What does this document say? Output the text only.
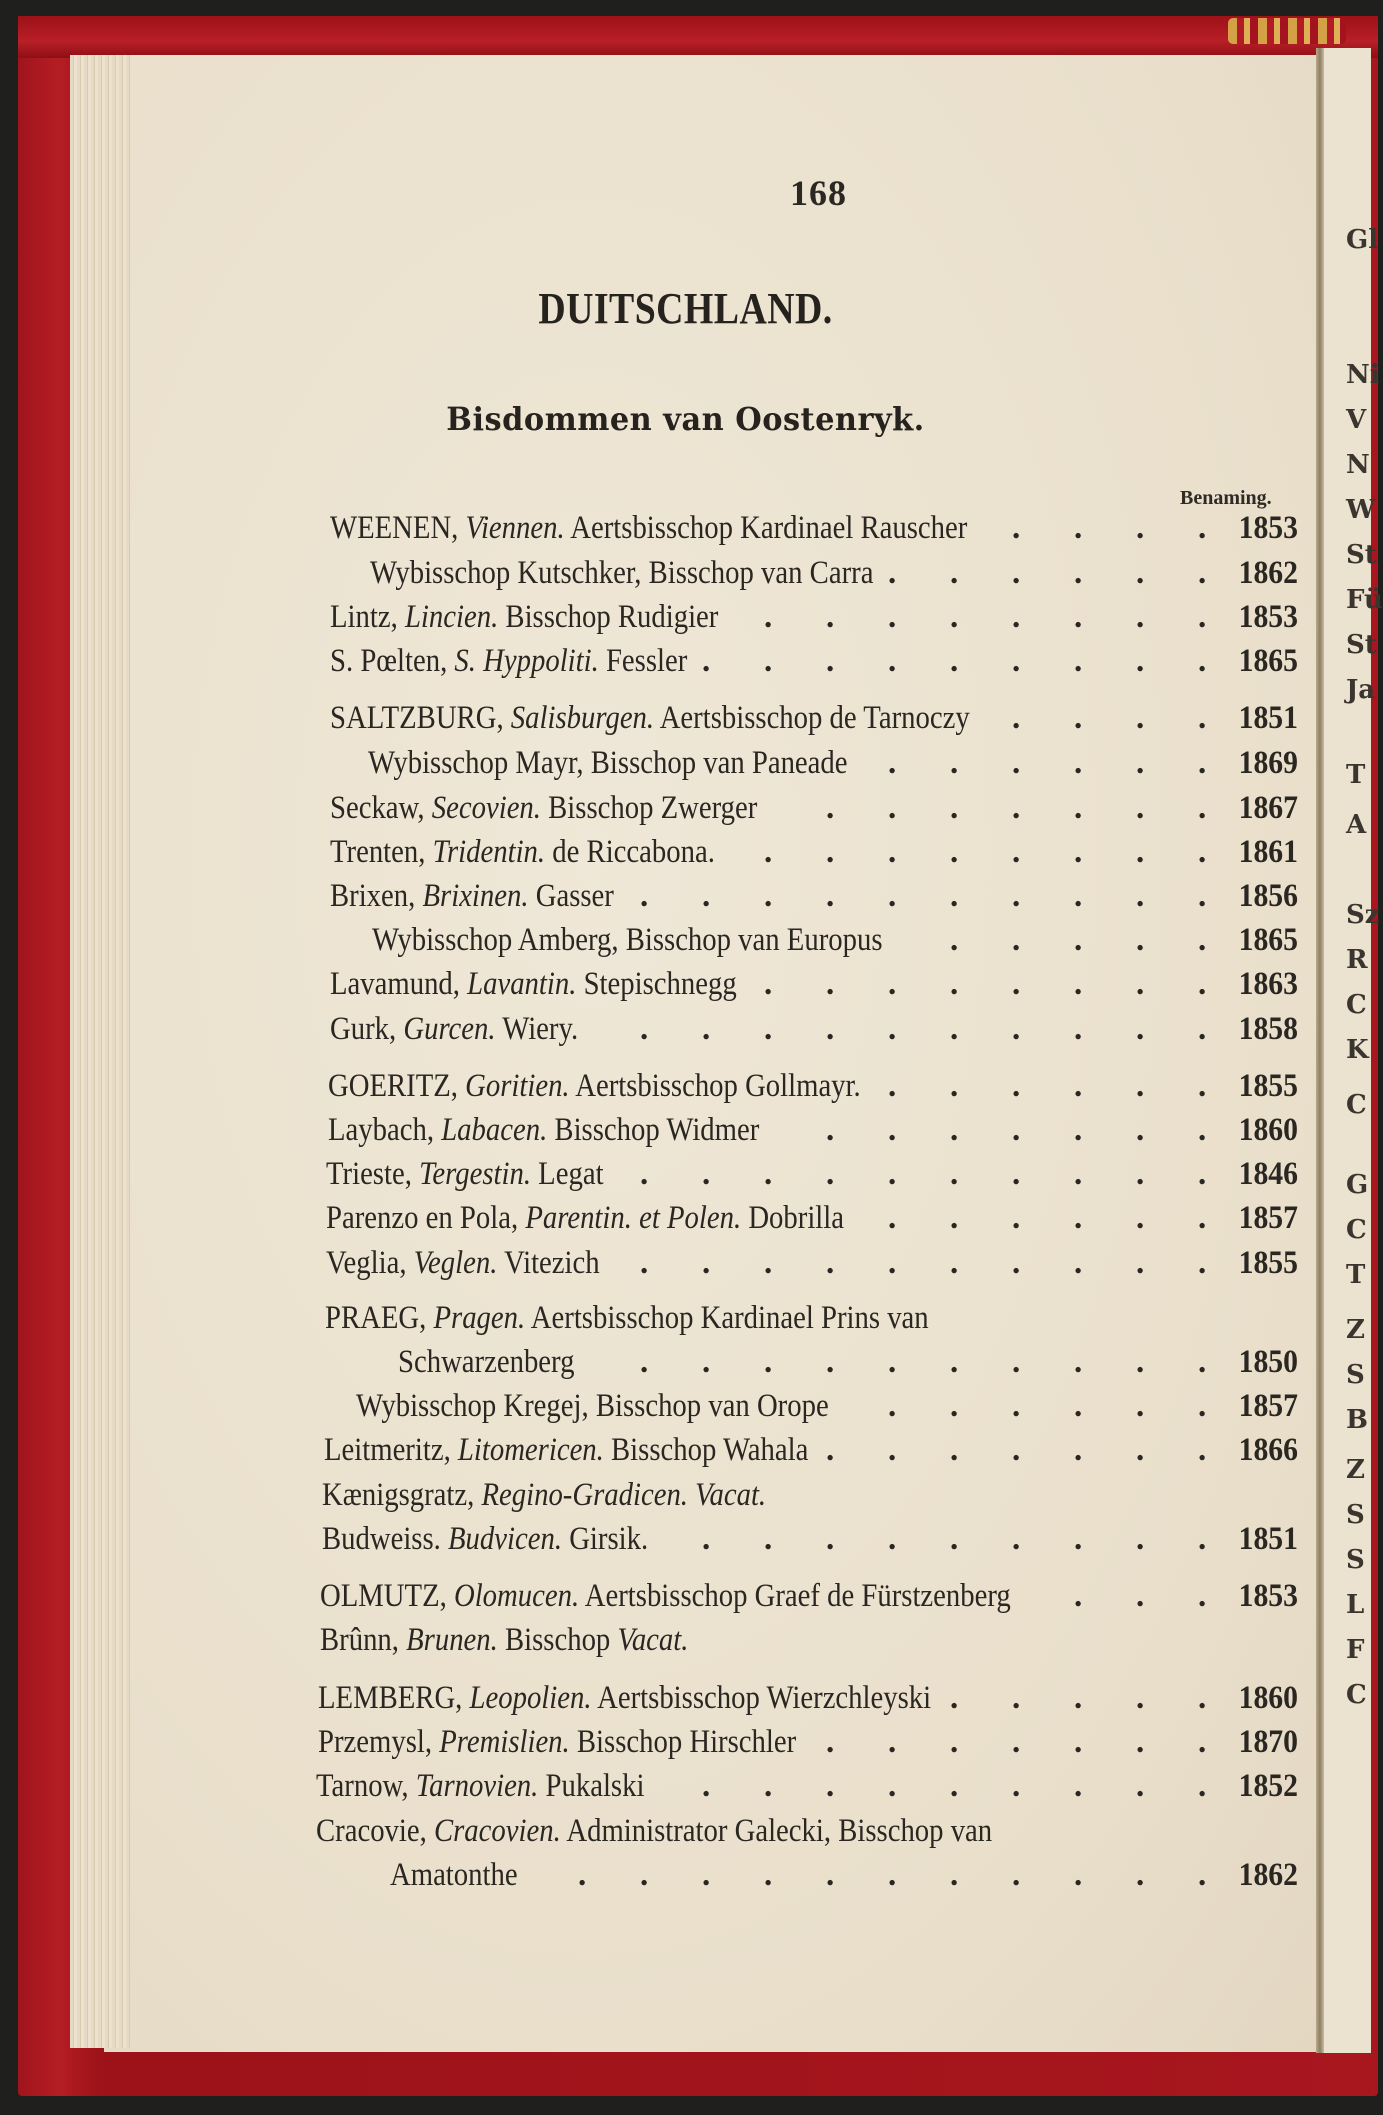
Gl
Ni
V
N
W
St
Fü
St
Ja
T
A
Sz
R
C
K
C
G
C
T
Z
S
B
Z
S
S
L
F
C
168
DUITSCHLAND.
Bisdommen van Oostenryk.
Benaming.
WEENEN, Viennen. Aertsbisschop Kardinael Rauscher	1853
.
.
.
.
Wybisschop Kutschker, Bisschop van Carra	1862
.
.
.
.
.
.
Lintz, Lincien. Bisschop Rudigier	1853
.
.
.
.
.
.
.
.
S. Pœlten, S. Hyppoliti. Fessler	1865
.
.
.
.
.
.
.
.
.
SALTZBURG, Salisburgen. Aertsbisschop de Tarnoczy	1851
.
.
.
.
Wybisschop Mayr, Bisschop van Paneade	1869
.
.
.
.
.
.
Seckaw, Secovien. Bisschop Zwerger	1867
.
.
.
.
.
.
.
Trenten, Tridentin. de Riccabona.	1861
.
.
.
.
.
.
.
.
Brixen, Brixinen. Gasser	1856
.
.
.
.
.
.
.
.
.
.
Wybisschop Amberg, Bisschop van Europus	1865
.
.
.
.
.
Lavamund, Lavantin. Stepischnegg	1863
.
.
.
.
.
.
.
.
Gurk, Gurcen. Wiery.	1858
.
.
.
.
.
.
.
.
.
.
GOERITZ, Goritien. Aertsbisschop Gollmayr.	1855
.
.
.
.
.
.
Laybach, Labacen. Bisschop Widmer	1860
.
.
.
.
.
.
.
Trieste, Tergestin. Legat	1846
.
.
.
.
.
.
.
.
.
.
Parenzo en Pola, Parentin. et Polen. Dobrilla	1857
.
.
.
.
.
.
Veglia, Veglen. Vitezich	1855
.
.
.
.
.
.
.
.
.
.
PRAEG, Pragen. Aertsbisschop Kardinael Prins van
Schwarzenberg	1850
.
.
.
.
.
.
.
.
.
.
Wybisschop Kregej, Bisschop van Orope	1857
.
.
.
.
.
.
Leitmeritz, Litomericen. Bisschop Wahala	1866
.
.
.
.
.
.
.
Kænigsgratz, Regino-Gradicen. Vacat.
Budweiss. Budvicen. Girsik.	1851
.
.
.
.
.
.
.
.
.
OLMUTZ, Olomucen. Aertsbisschop Graef de Fürstzenberg	1853
.
.
.
Brûnn, Brunen. Bisschop Vacat.
LEMBERG, Leopolien. Aertsbisschop Wierzchleyski	1860
.
.
.
.
.
Przemysl, Premislien. Bisschop Hirschler	1870
.
.
.
.
.
.
.
Tarnow, Tarnovien. Pukalski	1852
.
.
.
.
.
.
.
.
.
Cracovie, Cracovien. Administrator Galecki, Bisschop van
Amatonthe	1862
.
.
.
.
.
.
.
.
.
.
.
